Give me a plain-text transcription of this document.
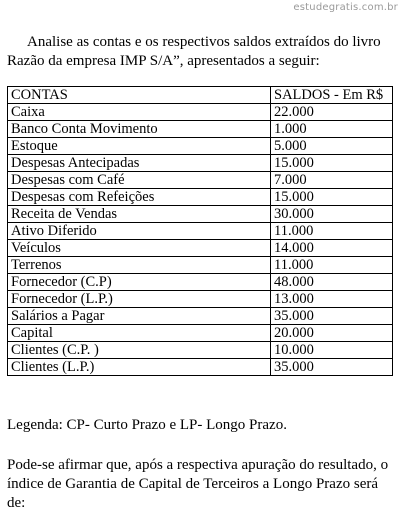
estudegratis.com.br

Analise as contas e os respectivos saldos extraídos do livro Razão da empresa IMP S/A”, apresentados a seguir:

CONTAS	SALDOS - Em R$
Caixa	22.000
Banco Conta Movimento	1.000
Estoque	5.000
Despesas Antecipadas	15.000
Despesas com Café	7.000
Despesas com Refeições	15.000
Receita de Vendas	30.000
Ativo Diferido	11.000
Veículos	14.000
Terrenos	11.000
Fornecedor (C.P)	48.000
Fornecedor (L.P.)	13.000
Salários a Pagar	35.000
Capital	20.000
Clientes (C.P. )	10.000
Clientes (L.P.)	35.000

Legenda: CP- Curto Prazo e LP- Longo Prazo.

Pode-se afirmar que, após a respectiva apuração do resultado, o índice de Garantia de Capital de Terceiros a Longo Prazo será de:
